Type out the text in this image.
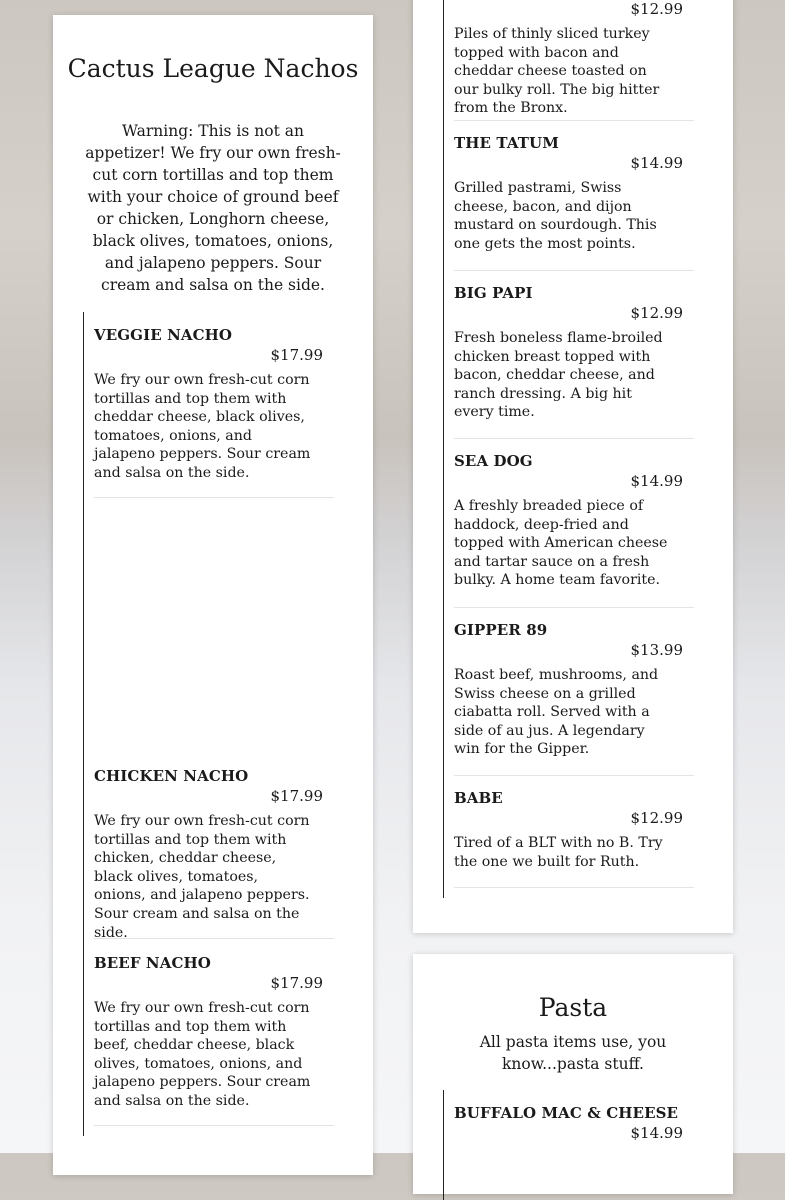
Cactus League Nachos

Warning: This is not an appetizer! We fry our own fresh-cut corn tortillas and top them with your choice of ground beef or chicken, Longhorn cheese, black olives, tomatoes, onions, and jalapeno peppers. Sour cream and salsa on the side.

VEGGIE NACHO
$17.99
We fry our own fresh-cut corn tortillas and top them with cheddar cheese, black olives, tomatoes, onions, and jalapeno peppers. Sour cream and salsa on the side.
CHICKEN NACHO
$17.99
We fry our own fresh-cut corn tortillas and top them with chicken, cheddar cheese, black olives, tomatoes, onions, and jalapeno peppers. Sour cream and salsa on the side.
BEEF NACHO
$17.99
We fry our own fresh-cut corn tortillas and top them with beef, cheddar cheese, black olives, tomatoes, onions, and jalapeno peppers. Sour cream and salsa on the side.
$12.99
Piles of thinly sliced turkey topped with bacon and cheddar cheese toasted on our bulky roll. The big hitter from the Bronx.
THE TATUM
$14.99
Grilled pastrami, Swiss cheese, bacon, and dijon mustard on sourdough. This one gets the most points.
BIG PAPI
$12.99
Fresh boneless flame-broiled chicken breast topped with bacon, cheddar cheese, and ranch dressing. A big hit every time.
SEA DOG
$14.99
A freshly breaded piece of haddock, deep-fried and topped with American cheese and tartar sauce on a fresh bulky. A home team favorite.
GIPPER 89
$13.99
Roast beef, mushrooms, and Swiss cheese on a grilled ciabatta roll. Served with a side of au jus. A legendary win for the Gipper.
BABE
$12.99
Tired of a BLT with no B. Try the one we built for Ruth.
Pasta

All pasta items use, you know...pasta stuff.

BUFFALO MAC & CHEESE
$14.99
